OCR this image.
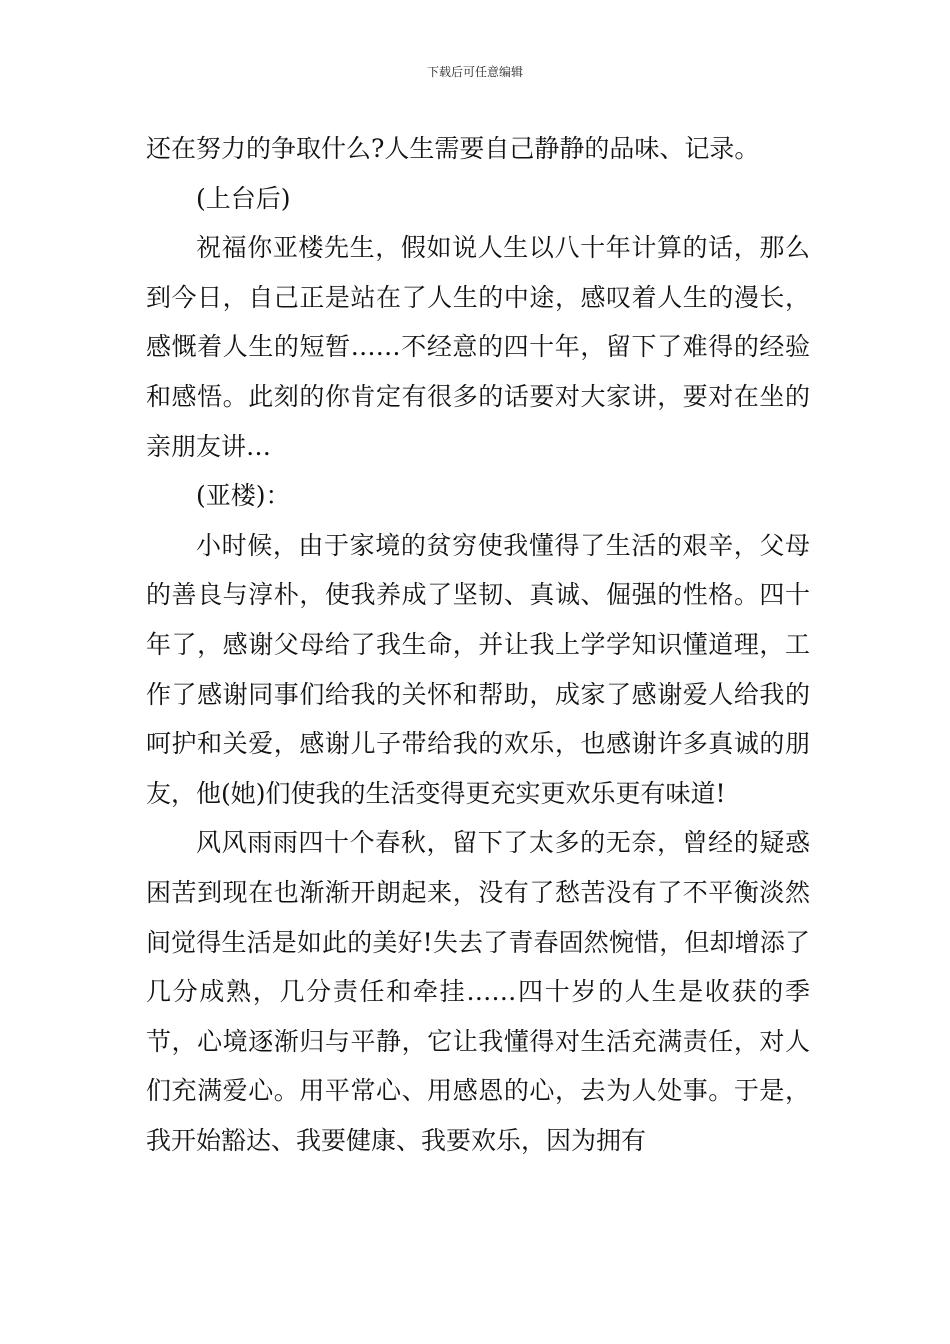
下载后可任意编辑

还在努力的争取什么?人生需要自己静静的品味、记录。

(上台后)

祝福你亚楼先生，假如说人生以八十年计算的话，那么到今日，自己正是站在了人生的中途，感叹着人生的漫长，感慨着人生的短暂……不经意的四十年，留下了难得的经验和感悟。此刻的你肯定有很多的话要对大家讲，要对在坐的亲朋友讲…

(亚楼)：

小时候，由于家境的贫穷使我懂得了生活的艰辛，父母的善良与淳朴，使我养成了坚韧、真诚、倔强的性格。四十年了，感谢父母给了我生命，并让我上学学知识懂道理，工作了感谢同事们给我的关怀和帮助，成家了感谢爱人给我的呵护和关爱，感谢儿子带给我的欢乐，也感谢许多真诚的朋友，他(她)们使我的生活变得更充实更欢乐更有味道!

风风雨雨四十个春秋，留下了太多的无奈，曾经的疑惑困苦到现在也渐渐开朗起来，没有了愁苦没有了不平衡淡然间觉得生活是如此的美好!失去了青春固然惋惜，但却增添了几分成熟，几分责任和牵挂……四十岁的人生是收获的季节，心境逐渐归与平静，它让我懂得对生活充满责任，对人们充满爱心。用平常心、用感恩的心，去为人处事。于是，我开始豁达、我要健康、我要欢乐，因为拥有
